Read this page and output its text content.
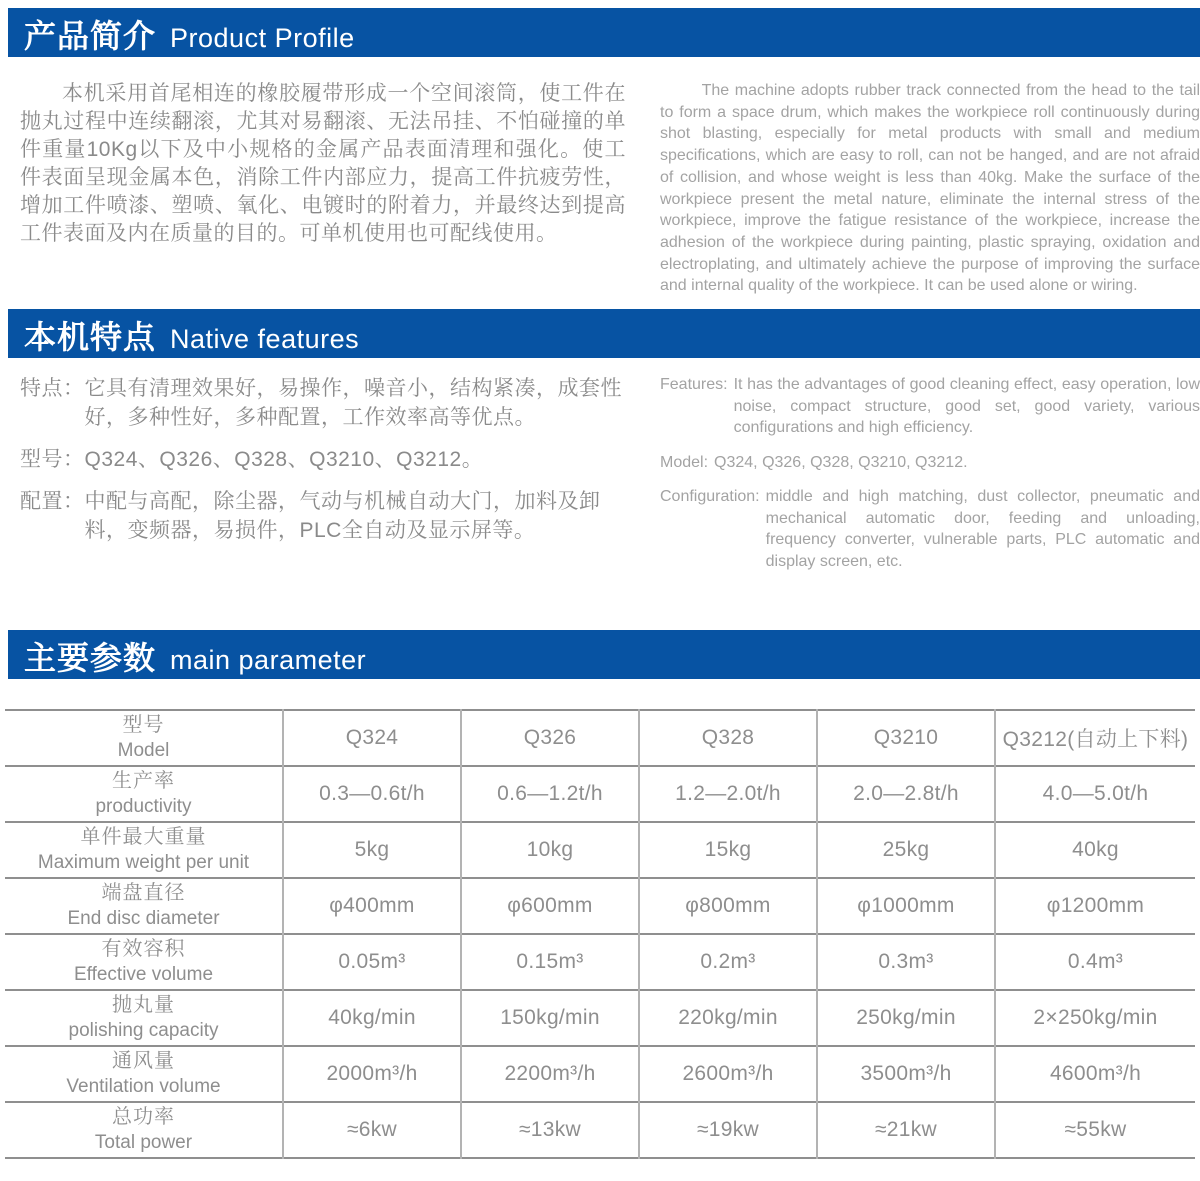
产品简介 Product Profile

本机采用首尾相连的橡胶履带形成一个空间滚筒，使工件在抛丸过程中连续翻滚，尤其对易翻滚、无法吊挂、不怕碰撞的单件重量10Kg以下及中小规格的金属产品表面清理和强化。使工件表面呈现金属本色，消除工件内部应力，提高工件抗疲劳性，增加工件喷漆、塑喷、氧化、电镀时的附着力，并最终达到提高工件表面及内在质量的目的。可单机使用也可配线使用。

The machine adopts rubber track connected from the head to the tail to form a space drum, which makes the workpiece roll continuously during shot blasting, especially for metal products with small and medium specifications, which are easy to roll, can not be hanged, and are not afraid of collision, and whose weight is less than 40kg. Make the surface of the workpiece present the metal nature, eliminate the internal stress of the workpiece, improve the fatigue resistance of the workpiece, increase the adhesion of the workpiece during painting, plastic spraying, oxidation and electroplating, and ultimately achieve the purpose of improving the surface and internal quality of the workpiece. It can be used alone or wiring.

本机特点 Native features
特点： 它具有清理效果好，易操作，噪音小，结构紧凑，成套性好，多种性好，多种配置，工作效率高等优点。
型号： Q324、Q326、Q328、Q3210、Q3212。
配置： 中配与高配，除尘器，气动与机械自动大门，加料及卸料，变频器，易损件，PLC全自动及显示屏等。
Features: It has the advantages of good cleaning effect, easy operation, low noise, compact structure, good set, good variety, various configurations and high efficiency.
Model: Q324, Q326, Q328, Q3210, Q3212.
Configuration: middle and high matching, dust collector, pneumatic and mechanical automatic door, feeding and unloading, frequency converter, vulnerable parts, PLC automatic and display screen, etc.
主要参数 main parameter
型号
Model	Q324	Q326	Q328	Q3210	Q3212(自动上下料)

生产率
productivity	0.3—0.6t/h	0.6—1.2t/h	1.2—2.0t/h	2.0—2.8t/h	4.0—5.0t/h

单件最大重量
Maximum weight per unit	5kg	10kg	15kg	25kg	40kg

端盘直径
End disc diameter	φ400mm	φ600mm	φ800mm	φ1000mm	φ1200mm

有效容积
Effective volume	0.05m³	0.15m³	0.2m³	0.3m³	0.4m³

抛丸量
polishing capacity	40kg/min	150kg/min	220kg/min	250kg/min	2×250kg/min

通风量
Ventilation volume	2000m³/h	2200m³/h	2600m³/h	3500m³/h	4600m³/h

总功率
Total power	≈6kw	≈13kw	≈19kw	≈21kw	≈55kw
